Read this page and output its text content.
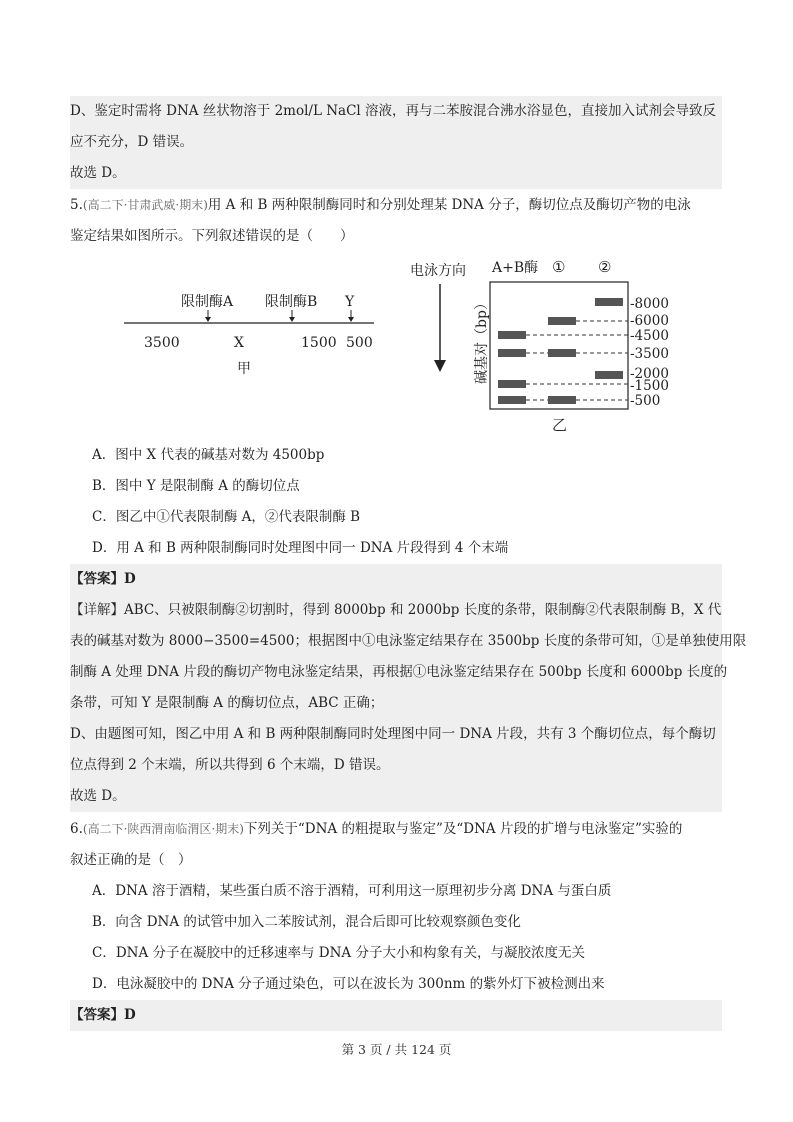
D、鉴定时需将 DNA 丝状物溶于 2mol/L NaCl 溶液，再与二苯胺混合沸水浴显色，直接加入试剂会导致反
应不充分，D 错误。
故选 D。
5.(高二下·甘肃武威·期末)用 A 和 B 两种限制酶同时和分别处理某 DNA 分子，酶切位点及酶切产物的电泳
鉴定结果如图所示。下列叙述错误的是（　　）
限制酶A 限制酶B Y
3500	X	1500 500
甲
电泳方向 A+B酶 ① ②
碱基对（bp）	-8000
-6000
-4500
-3500
-2000
-1500
-500
乙
A．图中 X 代表的碱基对数为 4500bp
B．图中 Y 是限制酶 A 的酶切位点
C．图乙中①代表限制酶 A，②代表限制酶 B
D．用 A 和 B 两种限制酶同时处理图中同一 DNA 片段得到 4 个末端
【答案】D
【详解】ABC、只被限制酶②切割时，得到 8000bp 和 2000bp 长度的条带，限制酶②代表限制酶 B，X 代
表的碱基对数为 8000−3500=4500；根据图中①电泳鉴定结果存在 3500bp 长度的条带可知，①是单独使用限
制酶 A 处理 DNA 片段的酶切产物电泳鉴定结果，再根据①电泳鉴定结果存在 500bp 长度和 6000bp 长度的
条带，可知 Y 是限制酶 A 的酶切位点，ABC 正确；
D、由题图可知，图乙中用 A 和 B 两种限制酶同时处理图中同一 DNA 片段，共有 3 个酶切位点，每个酶切
位点得到 2 个末端，所以共得到 6 个末端，D 错误。
故选 D。
6.(高二下·陕西渭南临渭区·期末)下列关于“DNA 的粗提取与鉴定”及“DNA 片段的扩增与电泳鉴定”实验的
叙述正确的是（　）
A．DNA 溶于酒精，某些蛋白质不溶于酒精，可利用这一原理初步分离 DNA 与蛋白质
B．向含 DNA 的试管中加入二苯胺试剂，混合后即可比较观察颜色变化
C．DNA 分子在凝胶中的迁移速率与 DNA 分子大小和构象有关，与凝胶浓度无关
D．电泳凝胶中的 DNA 分子通过染色，可以在波长为 300nm 的紫外灯下被检测出来
【答案】D
第 3 页 / 共 124 页
